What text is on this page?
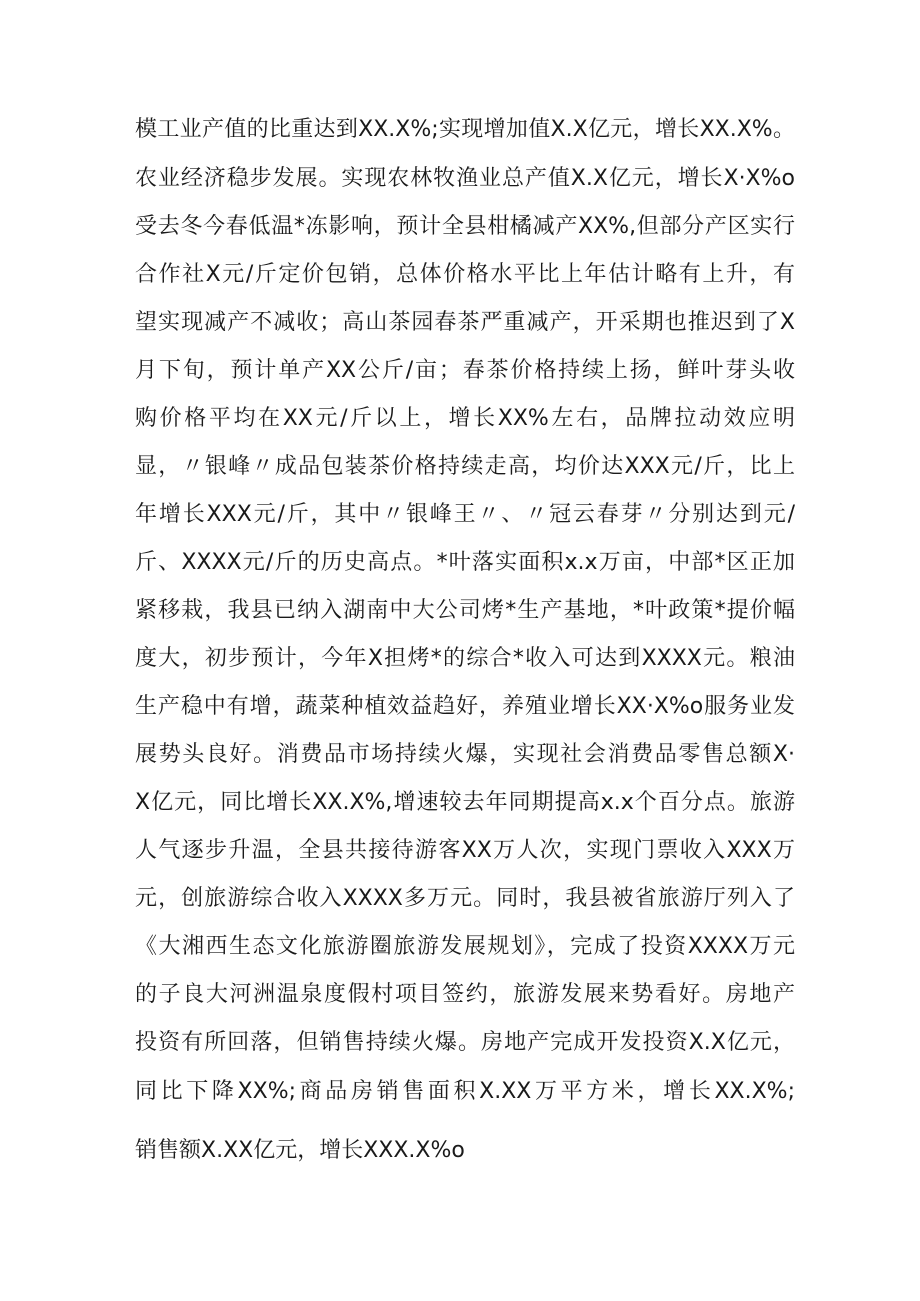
模工业产值的比重达到XX.X%;实现增加值X.X亿元，增长XX.X%。
农业经济稳步发展。实现农林牧渔业总产值X.X亿元，增长X·X%o
受去冬今春低温*冻影响，预计全县柑橘减产XX%,但部分产区实行
合作社X元/斤定价包销，总体价格水平比上年估计略有上升，有
望实现减产不减收；高山茶园春茶严重减产，开采期也推迟到了X
月下旬，预计单产XX公斤/亩；春茶价格持续上扬，鲜叶芽头收
购价格平均在XX元/斤以上，增长XX%左右，品牌拉动效应明
显，〃银峰〃成品包装茶价格持续走高，均价达XXX元/斤，比上
年增长XXX元/斤，其中〃银峰王〃、〃冠云春芽〃分别达到元/
斤、XXXX元/斤的历史高点。*叶落实面积x.x万亩，中部*区正加
紧移栽，我县已纳入湖南中大公司烤*生产基地，*叶政策*提价幅
度大，初步预计，今年X担烤*的综合*收入可达到XXXX元。粮油
生产稳中有增，蔬菜种植效益趋好，养殖业增长XX·X%o服务业发
展势头良好。消费品市场持续火爆，实现社会消费品零售总额X·
X亿元，同比增长XX.X%,增速较去年同期提高x.x个百分点。旅游
人气逐步升温，全县共接待游客XX万人次，实现门票收入XXX万
元，创旅游综合收入XXXX多万元。同时，我县被省旅游厅列入了
《大湘西生态文化旅游圈旅游发展规划》，完成了投资XXXX万元
的子良大河洲温泉度假村项目签约，旅游发展来势看好。房地产
投资有所回落，但销售持续火爆。房地产完成开发投资X.X亿元，
同比下降XX%;商品房销售面积X.XX万平方米，增长XX.X%;
销售额X.XX亿元，增长XXX.X%o
